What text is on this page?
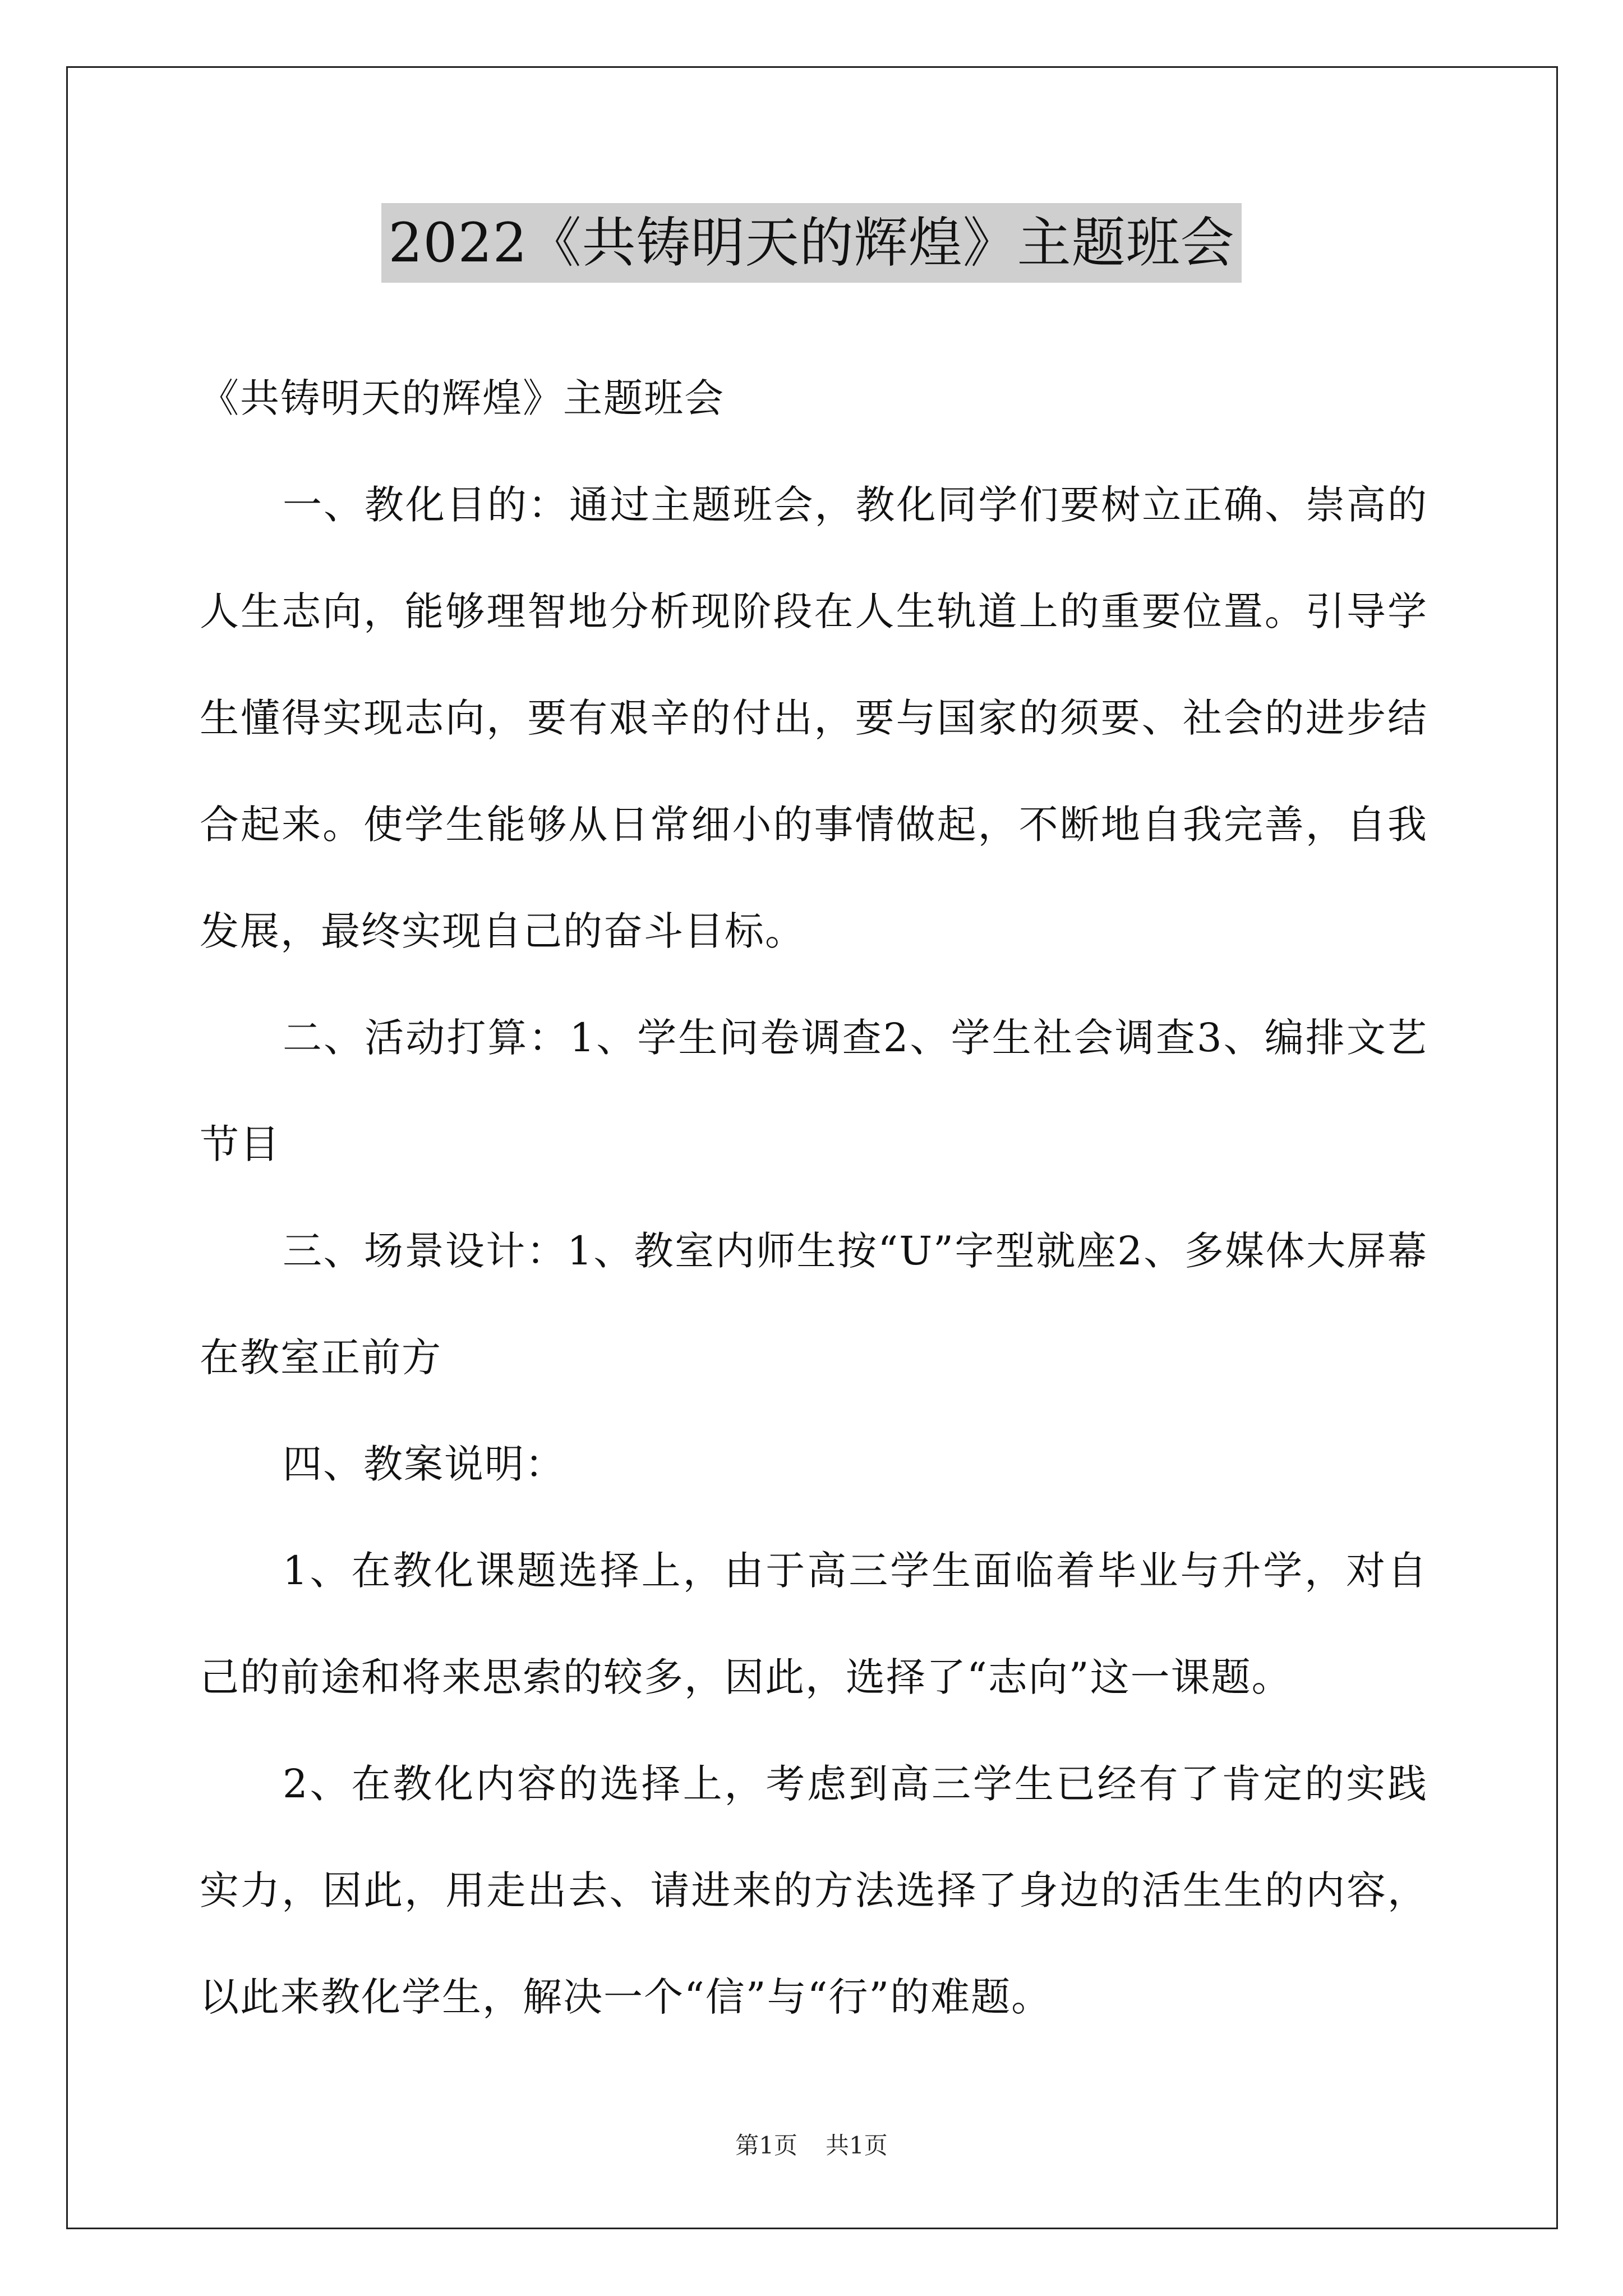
2022《共铸明天的辉煌》主题班会

《共铸明天的辉煌》主题班会

一、教化目的：通过主题班会，教化同学们要树立正确、崇高的人生志向，能够理智地分析现阶段在人生轨道上的重要位置。引导学生懂得实现志向，要有艰辛的付出，要与国家的须要、社会的进步结合起来。使学生能够从日常细小的事情做起，不断地自我完善，自我发展，最终实现自己的奋斗目标。

二、活动打算：1、学生问卷调查2、学生社会调查3、编排文艺节目

三、场景设计：1、教室内师生按“U”字型就座2、多媒体大屏幕在教室正前方

四、教案说明：

1、在教化课题选择上，由于高三学生面临着毕业与升学，对自己的前途和将来思索的较多，因此，选择了“志向”这一课题。

2、在教化内容的选择上，考虑到高三学生已经有了肯定的实践实力，因此，用走出去、请进来的方法选择了身边的活生生的内容，以此来教化学生，解决一个“信”与“行”的难题。

第1页 共1页
